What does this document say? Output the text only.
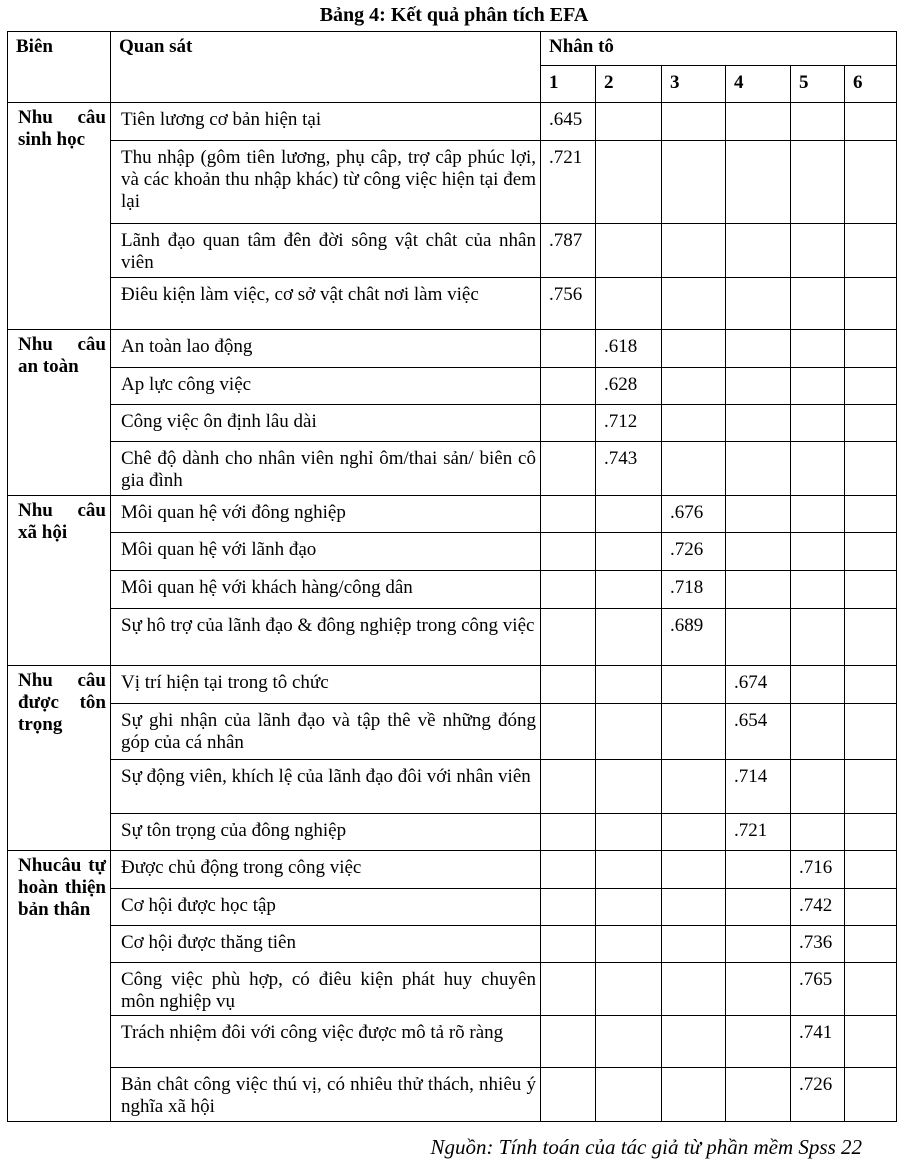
Bảng 4: Kết quả phân tích EFA
Biên	Quan sát	Nhân tô					
		1	2	3	4	5	6
Nhu câu sinh học	Tiên lương cơ bản hiện tại	.645					
	Thu nhập (gôm tiên lương, phụ câp, trợ câp phúc lợi, và các khoản thu nhập khác) từ công việc hiện tại đem lại	.721					
	Lãnh đạo quan tâm đên đời sông vật chât của nhân viên	.787					
	Điêu kiện làm việc, cơ sở vật chât nơi làm việc	.756					
Nhu câu an toàn	An toàn lao động		.618				
	Ap lực công việc		.628				
	Công việc ôn định lâu dài		.712				
	Chê độ dành cho nhân viên nghỉ ôm/thai sản/ biên cô gia đình		.743				
Nhu câu xã hội	Môi quan hệ với đông nghiệp			.676			
	Môi quan hệ với lãnh đạo			.726			
	Môi quan hệ với khách hàng/công dân			.718			
	Sự hô trợ của lãnh đạo & đông nghiệp trong công việc			.689			
Nhu câu được tôn trọng	Vị trí hiện tại trong tô chức				.674		
	Sự ghi nhận của lãnh đạo và tập thê về những đóng góp của cá nhân				.654		
	Sự động viên, khích lệ của lãnh đạo đôi với nhân viên				.714		
	Sự tôn trọng của đông nghiệp				.721		
Nhucâu tự hoàn thiện bản thân	Được chủ động trong công việc					.716	
	Cơ hội được học tập					.742	
	Cơ hội được thăng tiên					.736	
	Công việc phù hợp, có điêu kiện phát huy chuyên môn nghiệp vụ					.765	
	Trách nhiệm đôi với công việc được mô tả rõ ràng					.741	
	Bản chât công việc thú vị, có nhiêu thử thách, nhiêu ý nghĩa xã hội					.726	
Nguồn: Tính toán của tác giả từ phần mềm Spss 22
